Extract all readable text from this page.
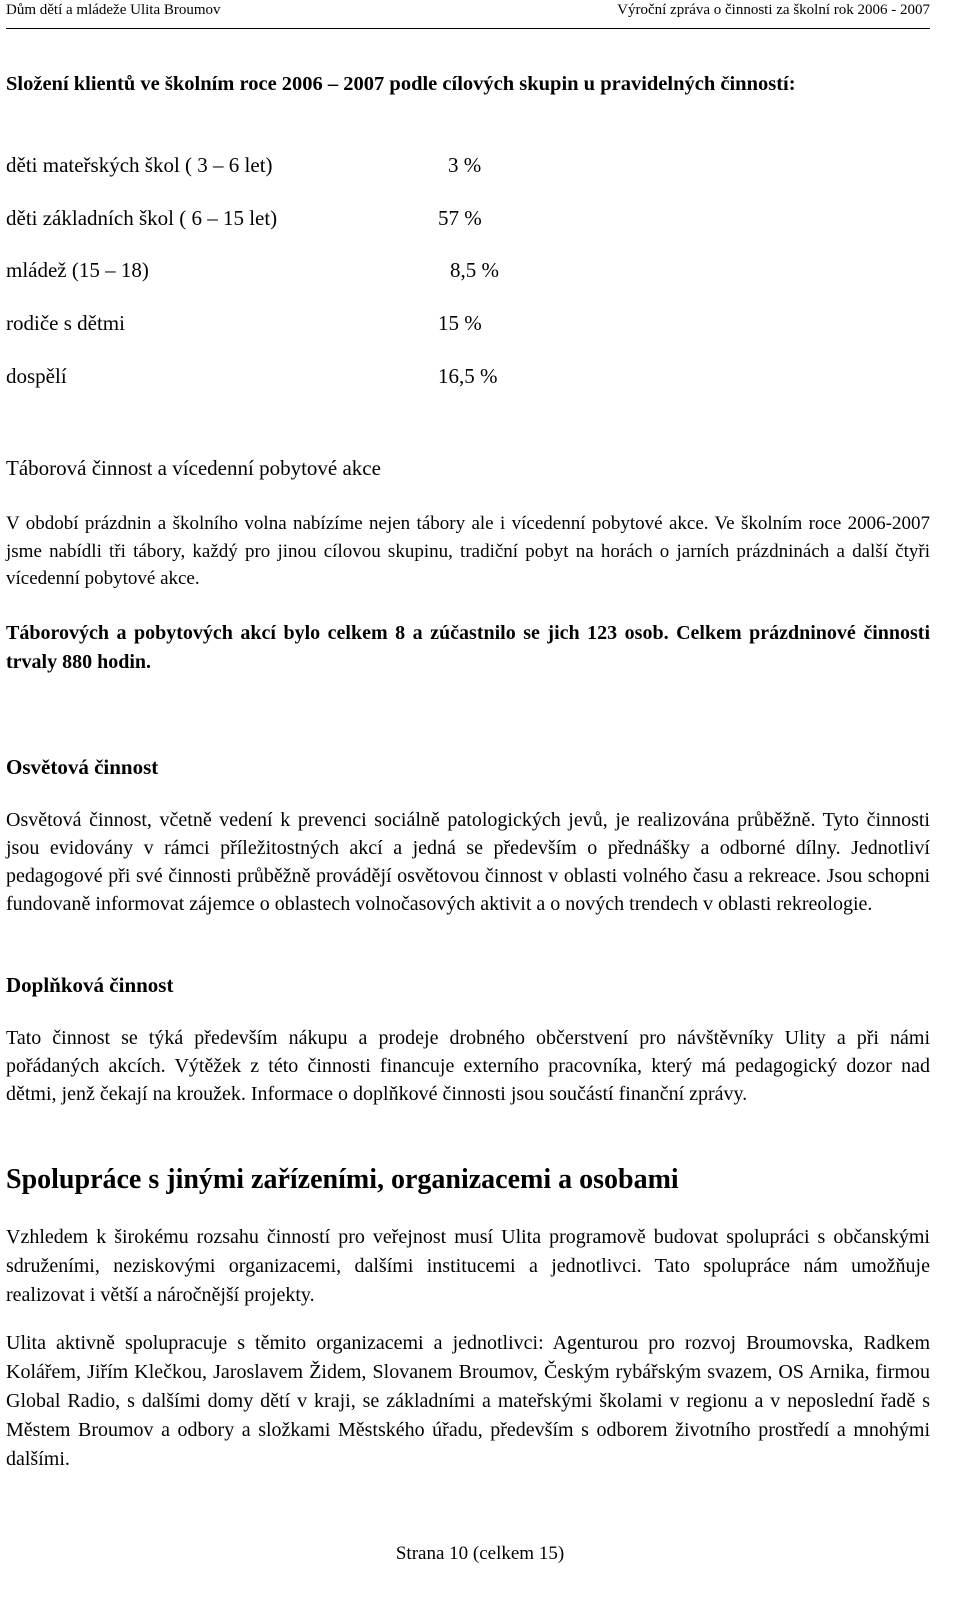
Dům dětí a mládeže Ulita Broumov	Výroční zpráva o činnosti za školní rok 2006 - 2007

Složení klientů ve školním roce 2006 – 2007 podle cílových skupin u pravidelných činností:

děti mateřských škol ( 3 – 6 let)	3 %
děti základních škol ( 6 – 15 let)	57 %
mládež (15 – 18)	8,5 %
rodiče s dětmi	15 %
dospělí	16,5 %
Táborová činnost a vícedenní pobytové akce

V období prázdnin a školního volna nabízíme nejen tábory ale i vícedenní pobytové akce. Ve školním roce 2006-2007 jsme nabídli tři tábory, každý pro jinou cílovou skupinu, tradiční pobyt na horách o jarních prázdninách a další čtyři vícedenní pobytové akce.

Táborových a pobytových akcí bylo celkem 8 a zúčastnilo se jich 123 osob. Celkem prázdninové činnosti trvaly 880 hodin.

Osvětová činnost

Osvětová činnost, včetně vedení k prevenci sociálně patologických jevů, je realizována průběžně. Tyto činnosti jsou evidovány v rámci příležitostných akcí a jedná se především o přednášky a odborné dílny. Jednotliví pedagogové při své činnosti průběžně provádějí osvětovou činnost v oblasti volného času a rekreace. Jsou schopni fundovaně informovat zájemce o oblastech volnočasových aktivit a o nových trendech v oblasti rekreologie.

Doplňková činnost

Tato činnost se týká především nákupu a prodeje drobného občerstvení pro návštěvníky Ulity a při námi pořádaných akcích. Výtěžek z této činnosti financuje externího pracovníka, který má pedagogický dozor nad dětmi, jenž čekají na kroužek. Informace o doplňkové činnosti jsou součástí finanční zprávy.

Spolupráce s jinými zařízeními, organizacemi a osobami

Vzhledem k širokému rozsahu činností pro veřejnost musí Ulita programově budovat spolupráci s občanskými sdruženími, neziskovými organizacemi, dalšími institucemi a jednotlivci. Tato spolupráce nám umožňuje realizovat i větší a náročnější projekty.

Ulita aktivně spolupracuje s těmito organizacemi a jednotlivci: Agenturou pro rozvoj Broumovska, Radkem Kolářem, Jiřím Klečkou, Jaroslavem Židem, Slovanem Broumov, Českým rybářským svazem, OS Arnika, firmou Global Radio, s dalšími domy dětí v kraji, se základními a mateřskými školami v regionu a v neposlední řadě s Městem Broumov a odbory a složkami Městského úřadu, především s odborem životního prostředí a mnohými dalšími.

Strana 10 (celkem 15)
